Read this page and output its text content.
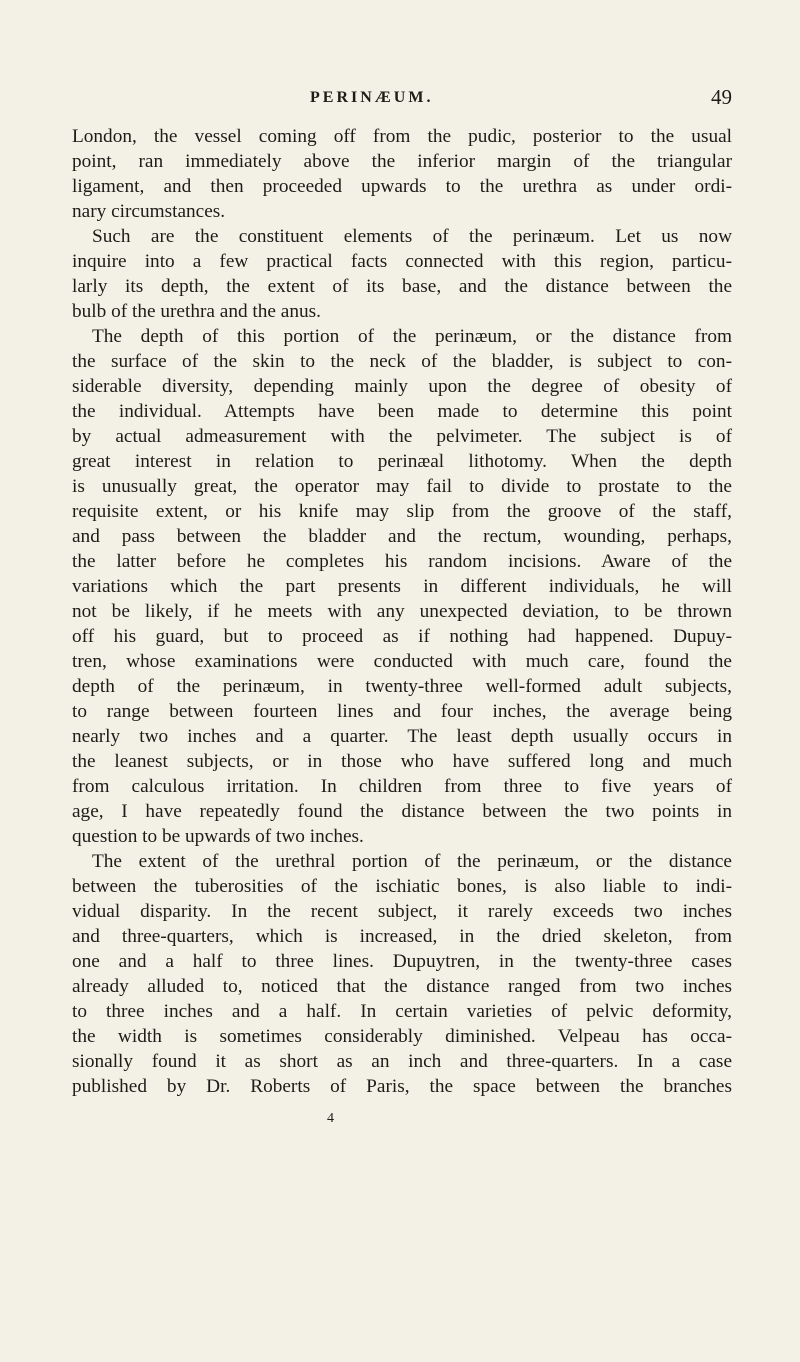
PERINÆUM.	49
London, the vessel coming off from the pudic, posterior to the usual
point, ran immediately above the inferior margin of the triangular
ligament, and then proceeded upwards to the urethra as under ordi-
nary circumstances.
Such are the constituent elements of the perinæum. Let us now
inquire into a few practical facts connected with this region, particu-
larly its depth, the extent of its base, and the distance between the
bulb of the urethra and the anus.
The depth of this portion of the perinæum, or the distance from
the surface of the skin to the neck of the bladder, is subject to con-
siderable diversity, depending mainly upon the degree of obesity of
the individual. Attempts have been made to determine this point
by actual admeasurement with the pelvimeter. The subject is of
great interest in relation to perinæal lithotomy. When the depth
is unusually great, the operator may fail to divide to prostate to the
requisite extent, or his knife may slip from the groove of the staff,
and pass between the bladder and the rectum, wounding, perhaps,
the latter before he completes his random incisions. Aware of the
variations which the part presents in different individuals, he will
not be likely, if he meets with any unexpected deviation, to be thrown
off his guard, but to proceed as if nothing had happened. Dupuy-
tren, whose examinations were conducted with much care, found the
depth of the perinæum, in twenty-three well-formed adult subjects,
to range between fourteen lines and four inches, the average being
nearly two inches and a quarter. The least depth usually occurs in
the leanest subjects, or in those who have suffered long and much
from calculous irritation. In children from three to five years of
age, I have repeatedly found the distance between the two points in
question to be upwards of two inches.
The extent of the urethral portion of the perinæum, or the distance
between the tuberosities of the ischiatic bones, is also liable to indi-
vidual disparity. In the recent subject, it rarely exceeds two inches
and three-quarters, which is increased, in the dried skeleton, from
one and a half to three lines. Dupuytren, in the twenty-three cases
already alluded to, noticed that the distance ranged from two inches
to three inches and a half. In certain varieties of pelvic deformity,
the width is sometimes considerably diminished. Velpeau has occa-
sionally found it as short as an inch and three-quarters. In a case
published by Dr. Roberts of Paris, the space between the branches
4
